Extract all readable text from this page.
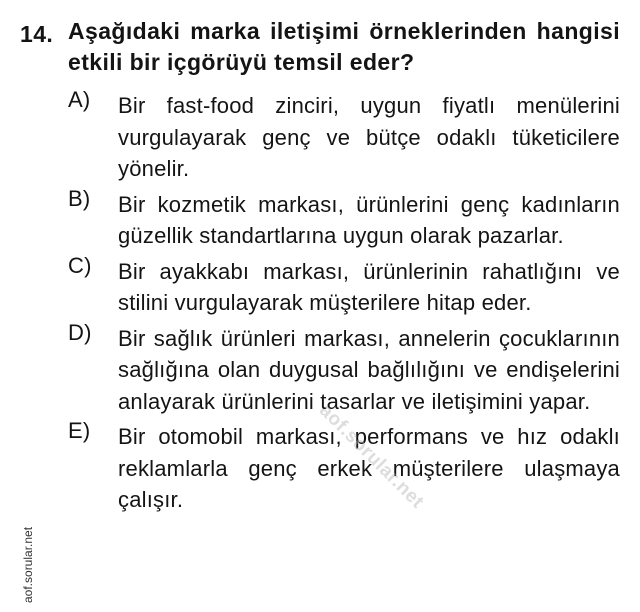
14. Aşağıdaki marka iletişimi örneklerinden hangisi etkili bir içgörüyü temsil eder?
A) Bir fast-food zinciri, uygun fiyatlı menülerini vurgulayarak genç ve bütçe odaklı tüketicilere yönelir.
B) Bir kozmetik markası, ürünlerini genç kadınların güzellik standartlarına uygun olarak pazarlar.
C) Bir ayakkabı markası, ürünlerinin rahatlığını ve stilini vurgulayarak müşterilere hitap eder.
D) Bir sağlık ürünleri markası, annelerin çocuklarının sağlığına olan duygusal bağlılığını ve endişelerini anlayarak ürünlerini tasarlar ve iletişimini yapar.
E) Bir otomobil markası, performans ve hız odaklı reklamlarla genç erkek müşterilere ulaşmaya çalışır.	aof.sorular.net
aof.sorular.net
